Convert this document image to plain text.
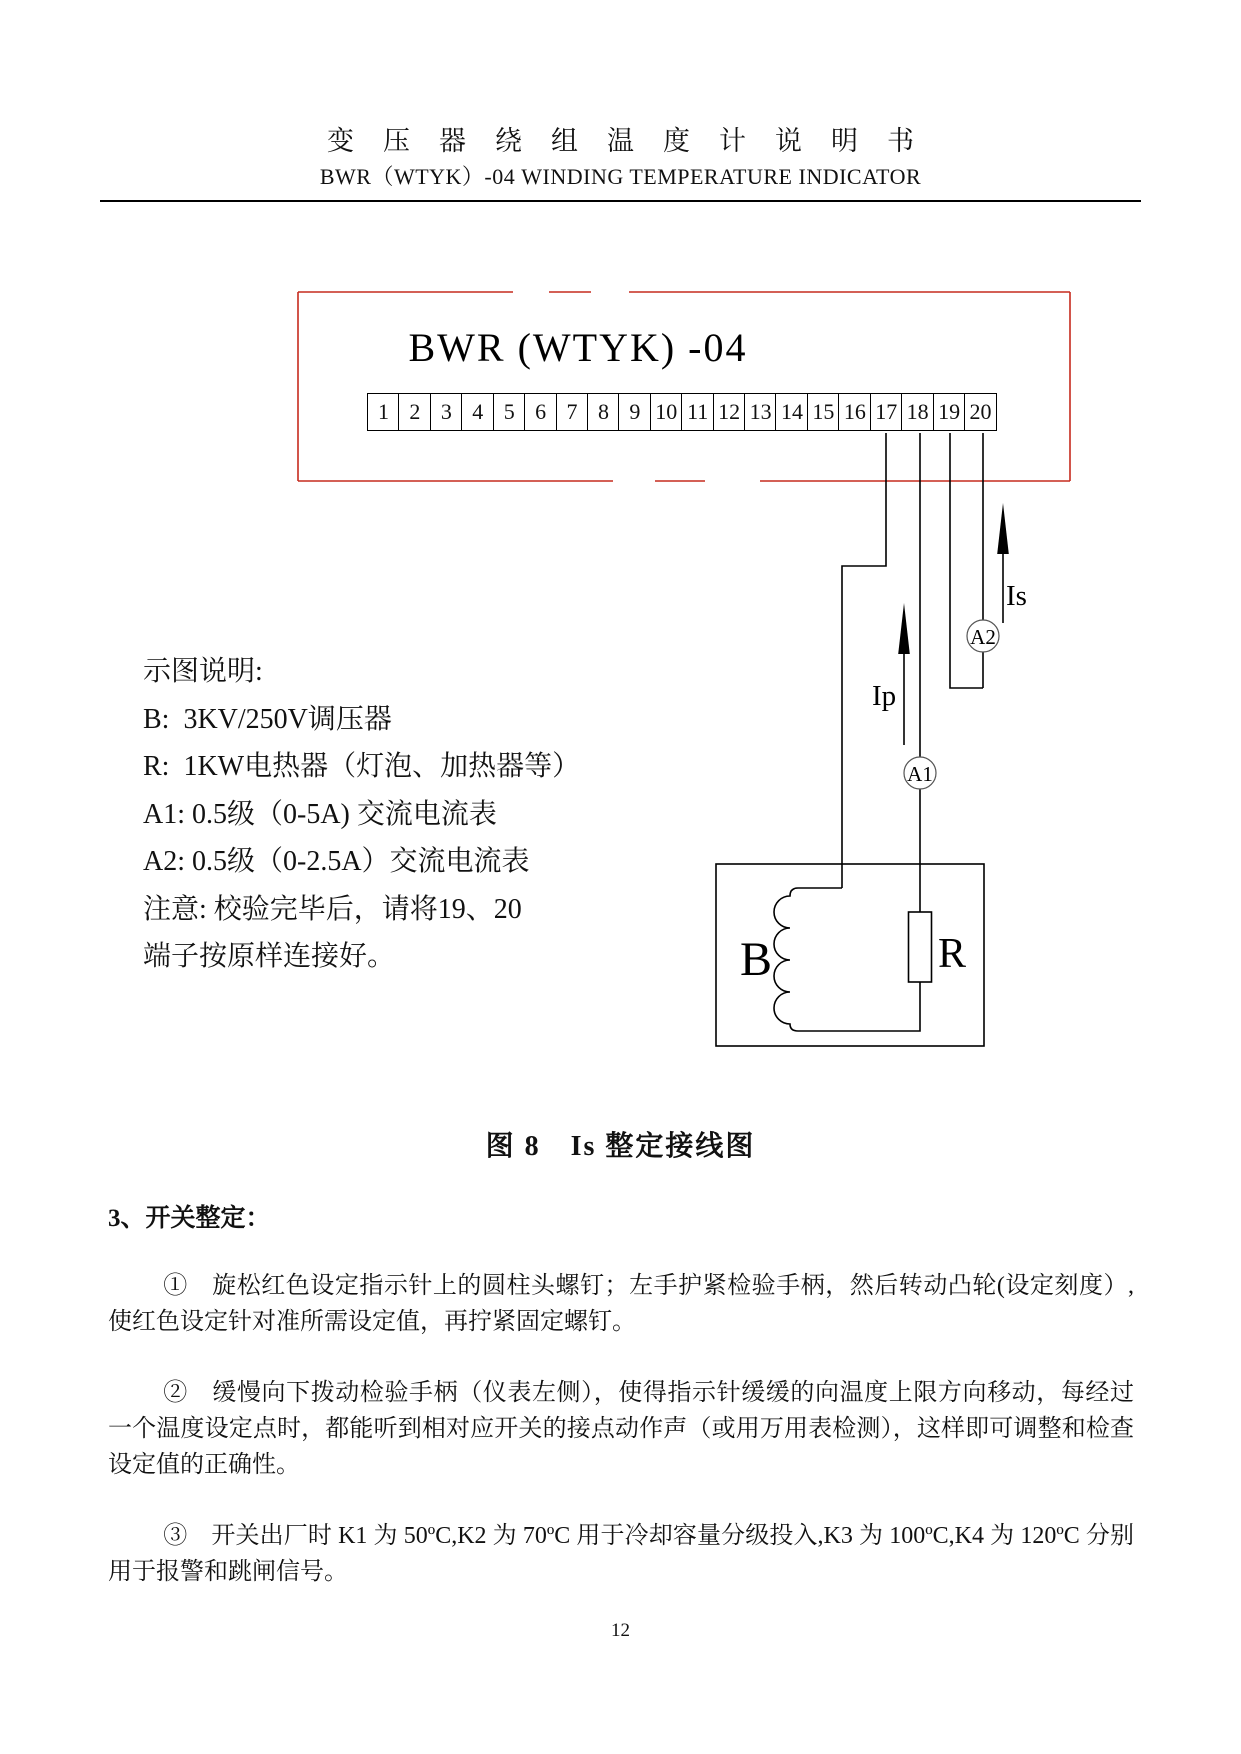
变压器绕组温度计说明书
BWR（WTYK）-04 WINDING TEMPERATURE INDICATOR
BWR (WTYK) -04
A1
A2
Is
Ip
B	R
1 2 3 4 5 6 7 8 9 10 11 12 13 14 15 16 17 18 19 20
示图说明:
B:  3KV/250V调压器
R:  1KW电热器（灯泡、加热器等）
A1: 0.5级（0-5A) 交流电流表
A2: 0.5级（0-2.5A）交流电流表
注意: 校验完毕后，请将19、20
端子按原样连接好。
图 8　Is 整定接线图
3、开关整定：

①　旋松红色设定指示针上的圆柱头螺钉；左手护紧检验手柄，然后转动凸轮(设定刻度）,使红色设定针对准所需设定值，再拧紧固定螺钉。

②　缓慢向下拨动检验手柄（仪表左侧），使得指示针缓缓的向温度上限方向移动，每经过一个温度设定点时，都能听到相对应开关的接点动作声（或用万用表检测），这样即可调整和检查设定值的正确性。

③　开关出厂时 K1 为 50ºC,K2 为 70ºC 用于冷却容量分级投入,K3 为 100ºC,K4 为 120ºC 分别用于报警和跳闸信号。

12
